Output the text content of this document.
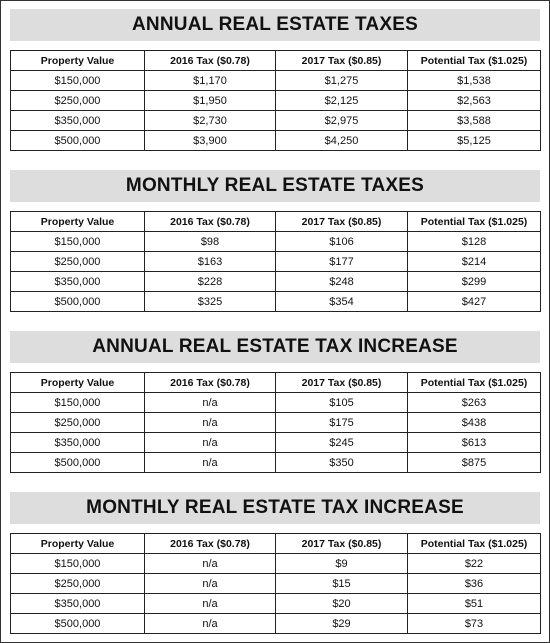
ANNUAL REAL ESTATE TAXES
Property Value	2016 Tax ($0.78)	2017 Tax ($0.85)	Potential Tax ($1.025)
$150,000	$1,170	$1,275	$1,538
$250,000	$1,950	$2,125	$2,563
$350,000	$2,730	$2,975	$3,588
$500,000	$3,900	$4,250	$5,125
MONTHLY REAL ESTATE TAXES
Property Value	2016 Tax ($0.78)	2017 Tax ($0.85)	Potential Tax ($1.025)
$150,000	$98	$106	$128
$250,000	$163	$177	$214
$350,000	$228	$248	$299
$500,000	$325	$354	$427
ANNUAL REAL ESTATE TAX INCREASE
Property Value	2016 Tax ($0.78)	2017 Tax ($0.85)	Potential Tax ($1.025)
$150,000	n/a	$105	$263
$250,000	n/a	$175	$438
$350,000	n/a	$245	$613
$500,000	n/a	$350	$875
MONTHLY REAL ESTATE TAX INCREASE
Property Value	2016 Tax ($0.78)	2017 Tax ($0.85)	Potential Tax ($1.025)
$150,000	n/a	$9	$22
$250,000	n/a	$15	$36
$350,000	n/a	$20	$51
$500,000	n/a	$29	$73
